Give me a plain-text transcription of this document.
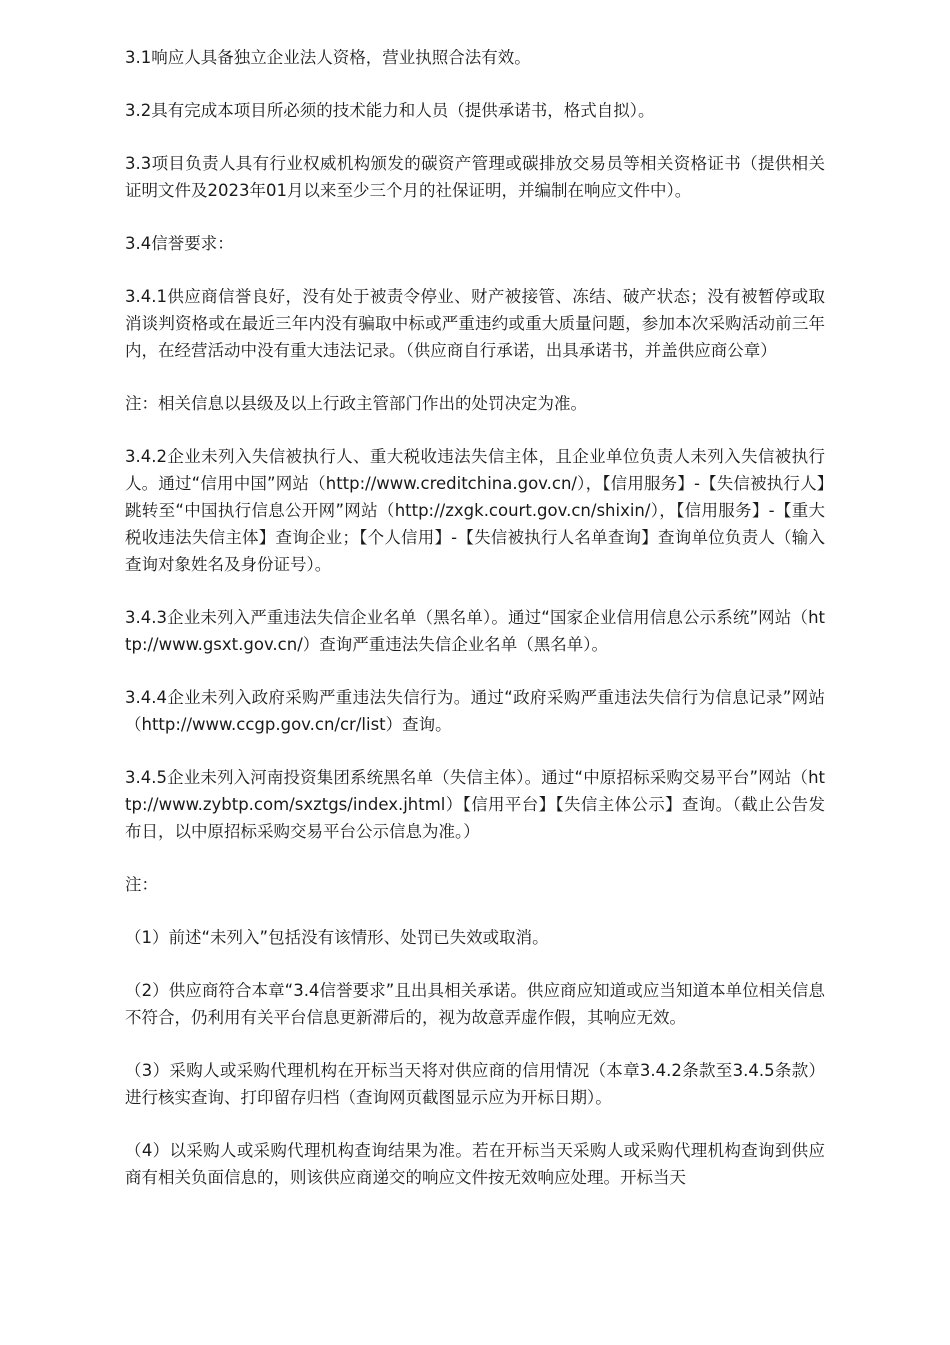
3.1响应人具备独立企业法人资格，营业执照合法有效。

3.2具有完成本项目所必须的技术能力和人员（提供承诺书，格式自拟）。

3.3项目负责人具有行业权威机构颁发的碳资产管理或碳排放交易员等相关资格证书（提供相关证明文件及2023年01月以来至少三个月的社保证明，并编制在响应文件中）。

3.4信誉要求：

3.4.1供应商信誉良好，没有处于被责令停业、财产被接管、冻结、破产状态；没有被暂停或取消谈判资格或在最近三年内没有骗取中标或严重违约或重大质量问题，参加本次采购活动前三年内，在经营活动中没有重大违法记录。（供应商自行承诺，出具承诺书，并盖供应商公章）

注：相关信息以县级及以上行政主管部门作出的处罚决定为准。

3.4.2企业未列入失信被执行人、重大税收违法失信主体，且企业单位负责人未列入失信被执行人。通过“信用中国”网站（http://www.creditchina.gov.cn/），【信用服务】-【失信被执行人】跳转至“中国执行信息公开网”网站（http://zxgk.court.gov.cn/shixin/），【信用服务】-【重大税收违法失信主体】查询企业；【个人信用】-【失信被执行人名单查询】查询单位负责人（输入查询对象姓名及身份证号）。

3.4.3企业未列入严重违法失信企业名单（黑名单）。通过“国家企业信用信息公示系统”网站（http://www.gsxt.gov.cn/）查询严重违法失信企业名单（黑名单）。

3.4.4企业未列入政府采购严重违法失信行为。通过“政府采购严重违法失信行为信息记录”网站（http://www.ccgp.gov.cn/cr/list）查询。

3.4.5企业未列入河南投资集团系统黑名单（失信主体）。通过“中原招标采购交易平台”网站（http://www.zybtp.com/sxztgs/index.jhtml）【信用平台】【失信主体公示】查询。（截止公告发布日，以中原招标采购交易平台公示信息为准。）

注：

（1）前述“未列入”包括没有该情形、处罚已失效或取消。

（2）供应商符合本章“3.4信誉要求”且出具相关承诺。供应商应知道或应当知道本单位相关信息不符合，仍利用有关平台信息更新滞后的，视为故意弄虚作假，其响应无效。

（3）采购人或采购代理机构在开标当天将对供应商的信用情况（本章3.4.2条款至3.4.5条款）进行核实查询、打印留存归档（查询网页截图显示应为开标日期）。

（4）以采购人或采购代理机构查询结果为准。若在开标当天采购人或采购代理机构查询到供应商有相关负面信息的，则该供应商递交的响应文件按无效响应处理。开标当天
